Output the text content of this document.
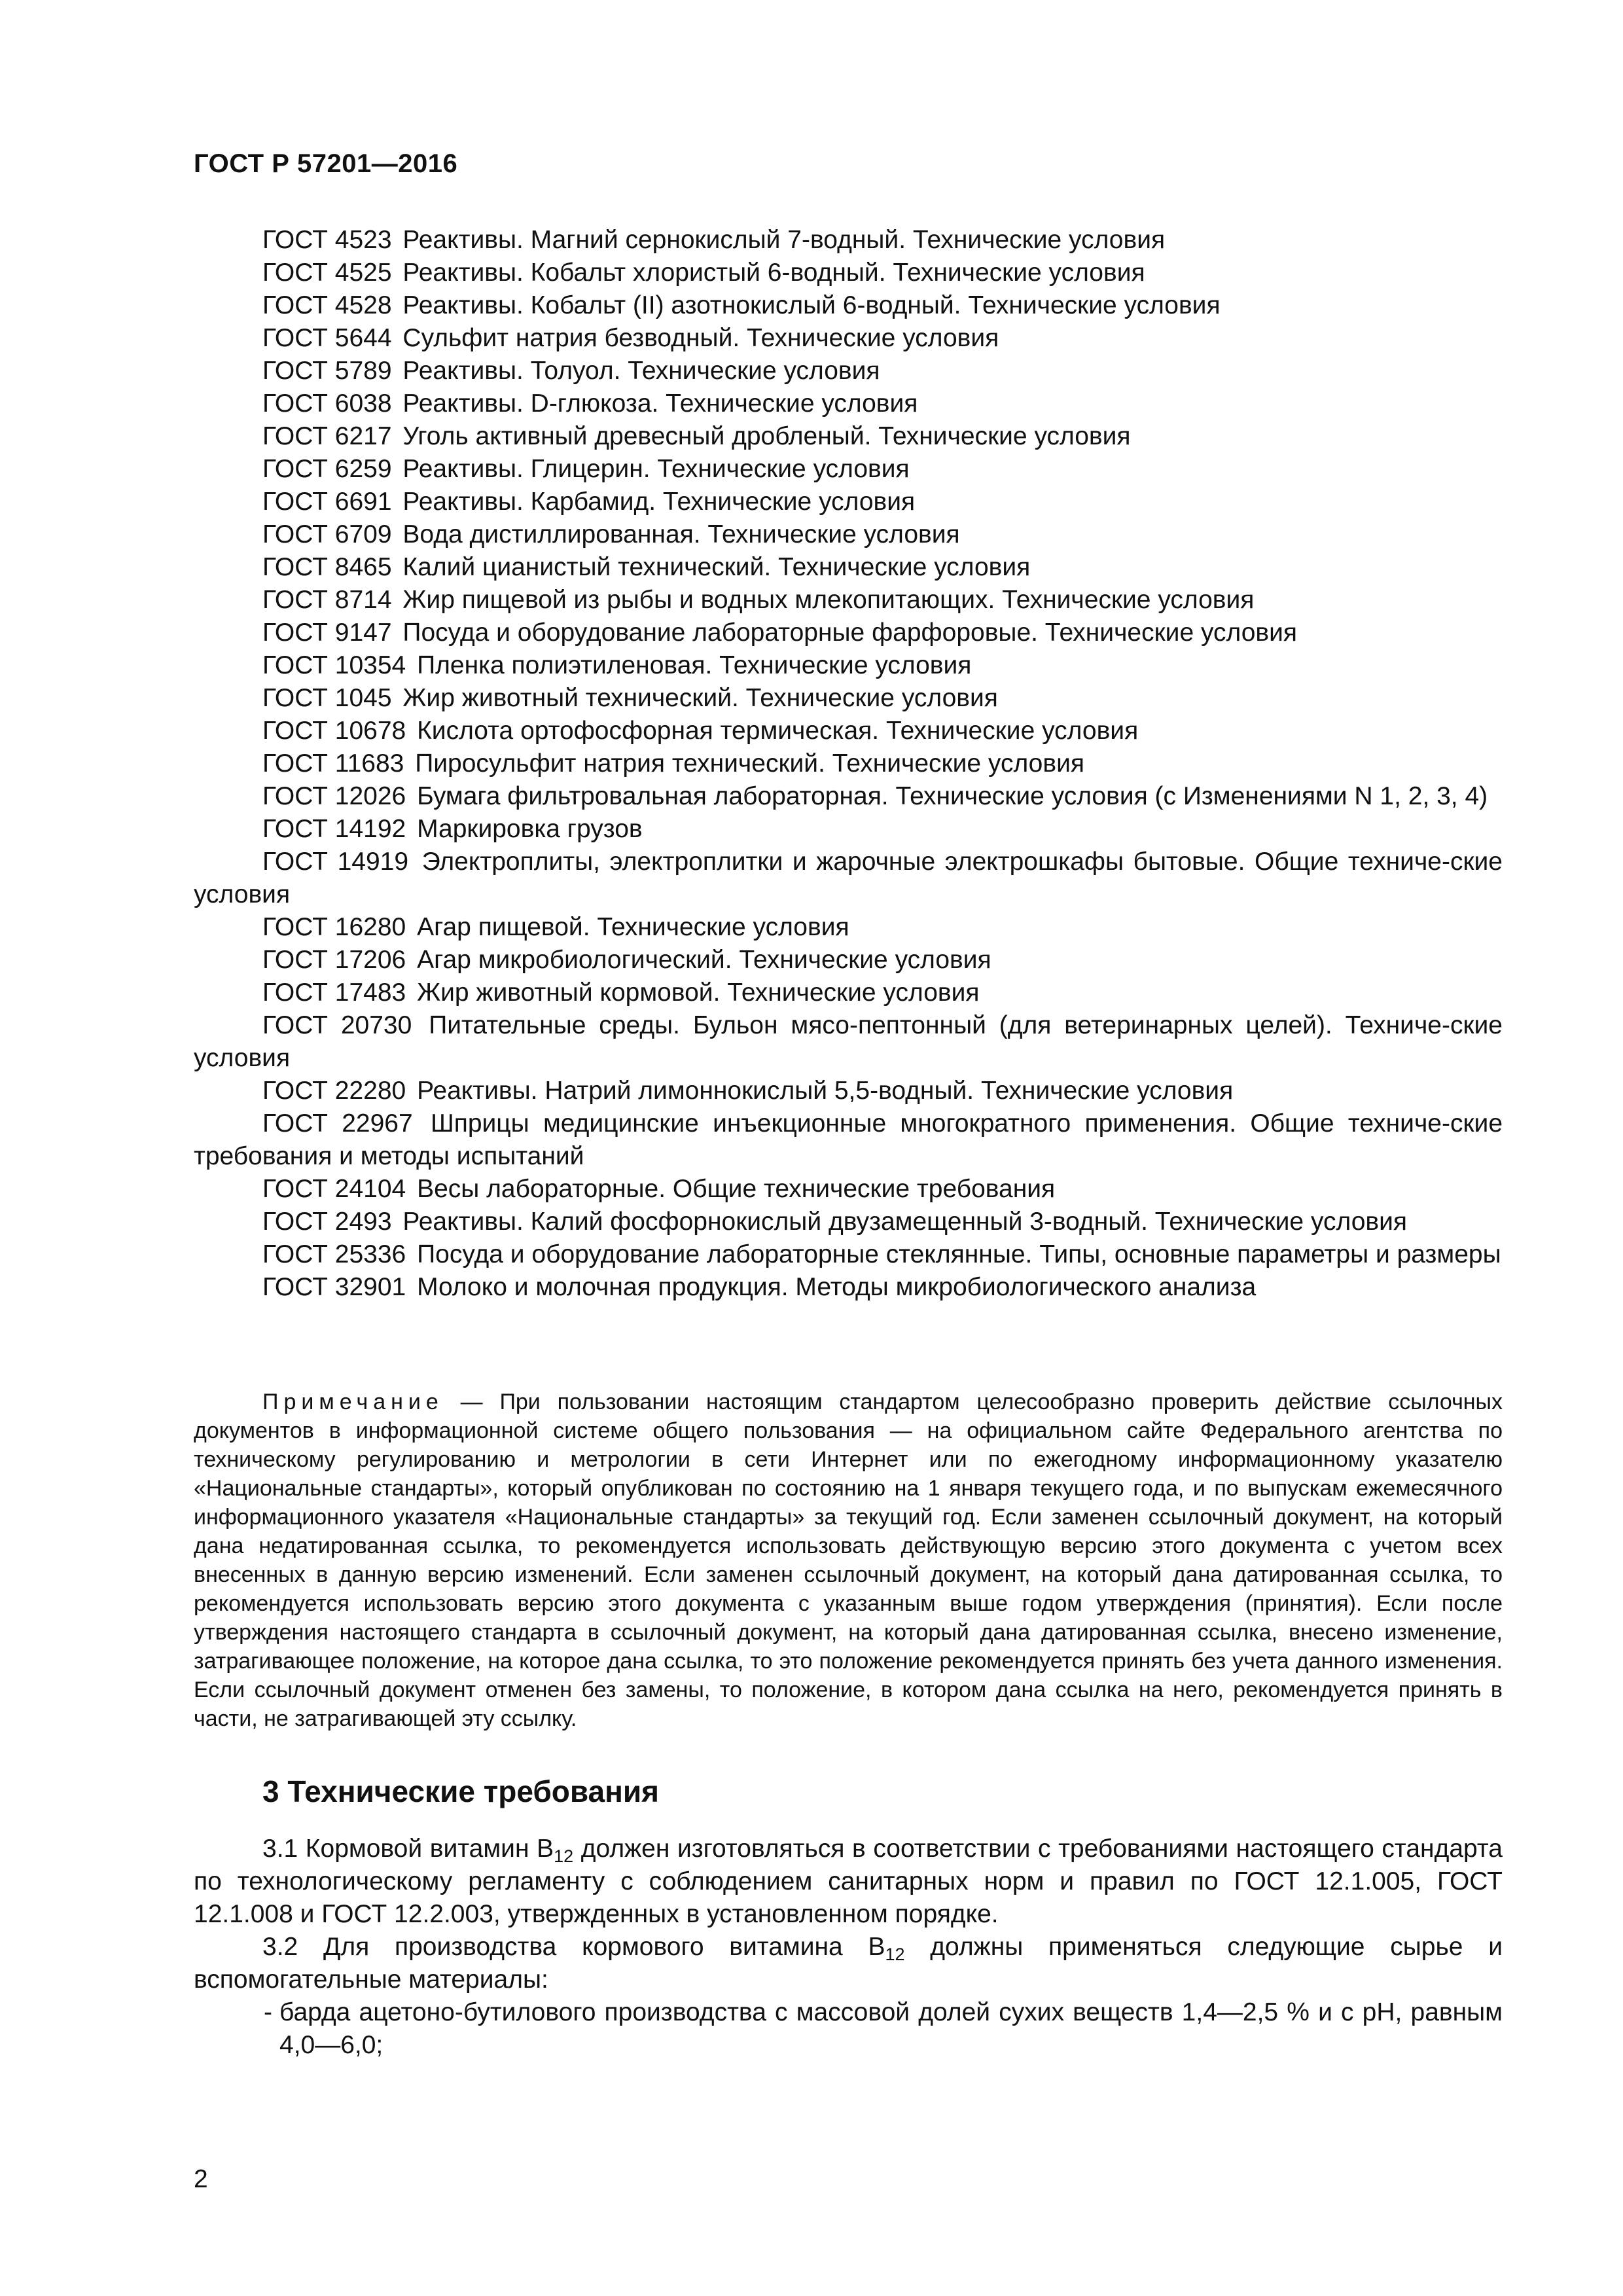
ГОСТ Р 57201—2016
ГОСТ 4523 Реактивы. Магний сернокислый 7-водный. Технические условия
ГОСТ 4525 Реактивы. Кобальт хлористый 6-водный. Технические условия
ГОСТ 4528 Реактивы. Кобальт (II) азотнокислый 6-водный. Технические условия
ГОСТ 5644 Сульфит натрия безводный. Технические условия
ГОСТ 5789 Реактивы. Толуол. Технические условия
ГОСТ 6038 Реактивы. D-глюкоза. Технические условия
ГОСТ 6217 Уголь активный древесный дробленый. Технические условия
ГОСТ 6259 Реактивы. Глицерин. Технические условия
ГОСТ 6691 Реактивы. Карбамид. Технические условия
ГОСТ 6709 Вода дистиллированная. Технические условия
ГОСТ 8465 Калий цианистый технический. Технические условия
ГОСТ 8714 Жир пищевой из рыбы и водных млекопитающих. Технические условия
ГОСТ 9147 Посуда и оборудование лабораторные фарфоровые. Технические условия
ГОСТ 10354 Пленка полиэтиленовая. Технические условия
ГОСТ 1045 Жир животный технический. Технические условия
ГОСТ 10678 Кислота ортофосфорная термическая. Технические условия
ГОСТ 11683 Пиросульфит натрия технический. Технические условия
ГОСТ 12026 Бумага фильтровальная лабораторная. Технические условия (с Изменениями N 1, 2, 3, 4)
ГОСТ 14192 Маркировка грузов
ГОСТ 14919 Электроплиты, электроплитки и жарочные электрошкафы бытовые. Общие техниче-ские условия
ГОСТ 16280 Агар пищевой. Технические условия
ГОСТ 17206 Агар микробиологический. Технические условия
ГОСТ 17483 Жир животный кормовой. Технические условия
ГОСТ 20730 Питательные среды. Бульон мясо-пептонный (для ветеринарных целей). Техниче-ские условия
ГОСТ 22280 Реактивы. Натрий лимоннокислый 5,5-водный. Технические условия
ГОСТ 22967 Шприцы медицинские инъекционные многократного применения. Общие техниче-ские требования и методы испытаний
ГОСТ 24104 Весы лабораторные. Общие технические требования
ГОСТ 2493 Реактивы. Калий фосфорнокислый двузамещенный 3-водный. Технические условия
ГОСТ 25336 Посуда и оборудование лабораторные стеклянные. Типы, основные параметры и размеры
ГОСТ 32901 Молоко и молочная продукция. Методы микробиологического анализа
Примечание — При пользовании настоящим стандартом целесообразно проверить действие ссылочных документов в информационной системе общего пользования — на официальном сайте Федерального агентства по техническому регулированию и метрологии в сети Интернет или по ежегодному информационному указателю «Национальные стандарты», который опубликован по состоянию на 1 января текущего года, и по выпускам ежемесячного информационного указателя «Национальные стандарты» за текущий год. Если заменен ссылочный документ, на который дана недатированная ссылка, то рекомендуется использовать действующую версию этого документа с учетом всех внесенных в данную версию изменений. Если заменен ссылочный документ, на который дана датированная ссылка, то рекомендуется использовать версию этого документа с указанным выше годом утверждения (принятия). Если после утверждения настоящего стандарта в ссылочный документ, на который дана датированная ссылка, внесено изменение, затрагивающее положение, на которое дана ссылка, то это положение рекомендуется принять без учета данного изменения. Если ссылочный документ отменен без замены, то положение, в котором дана ссылка на него, рекомендуется принять в части, не затрагивающей эту ссылку.
3 Технические требования
3.1 Кормовой витамин $B_{12}$ должен изготовляться в соответствии с требованиями настоящего стандарта по технологическому регламенту с соблюдением санитарных норм и правил по ГОСТ 12.1.005, ГОСТ 12.1.008 и ГОСТ 12.2.003, утвержденных в установленном порядке.
3.2 Для производства кормового витамина $B_{12}$ должны применяться следующие сырье и вспомогательные материалы:
- барда ацетоно-бутилового производства с массовой долей сухих веществ 1,4—2,5 % и с pH, равным 4,0—6,0;
2
